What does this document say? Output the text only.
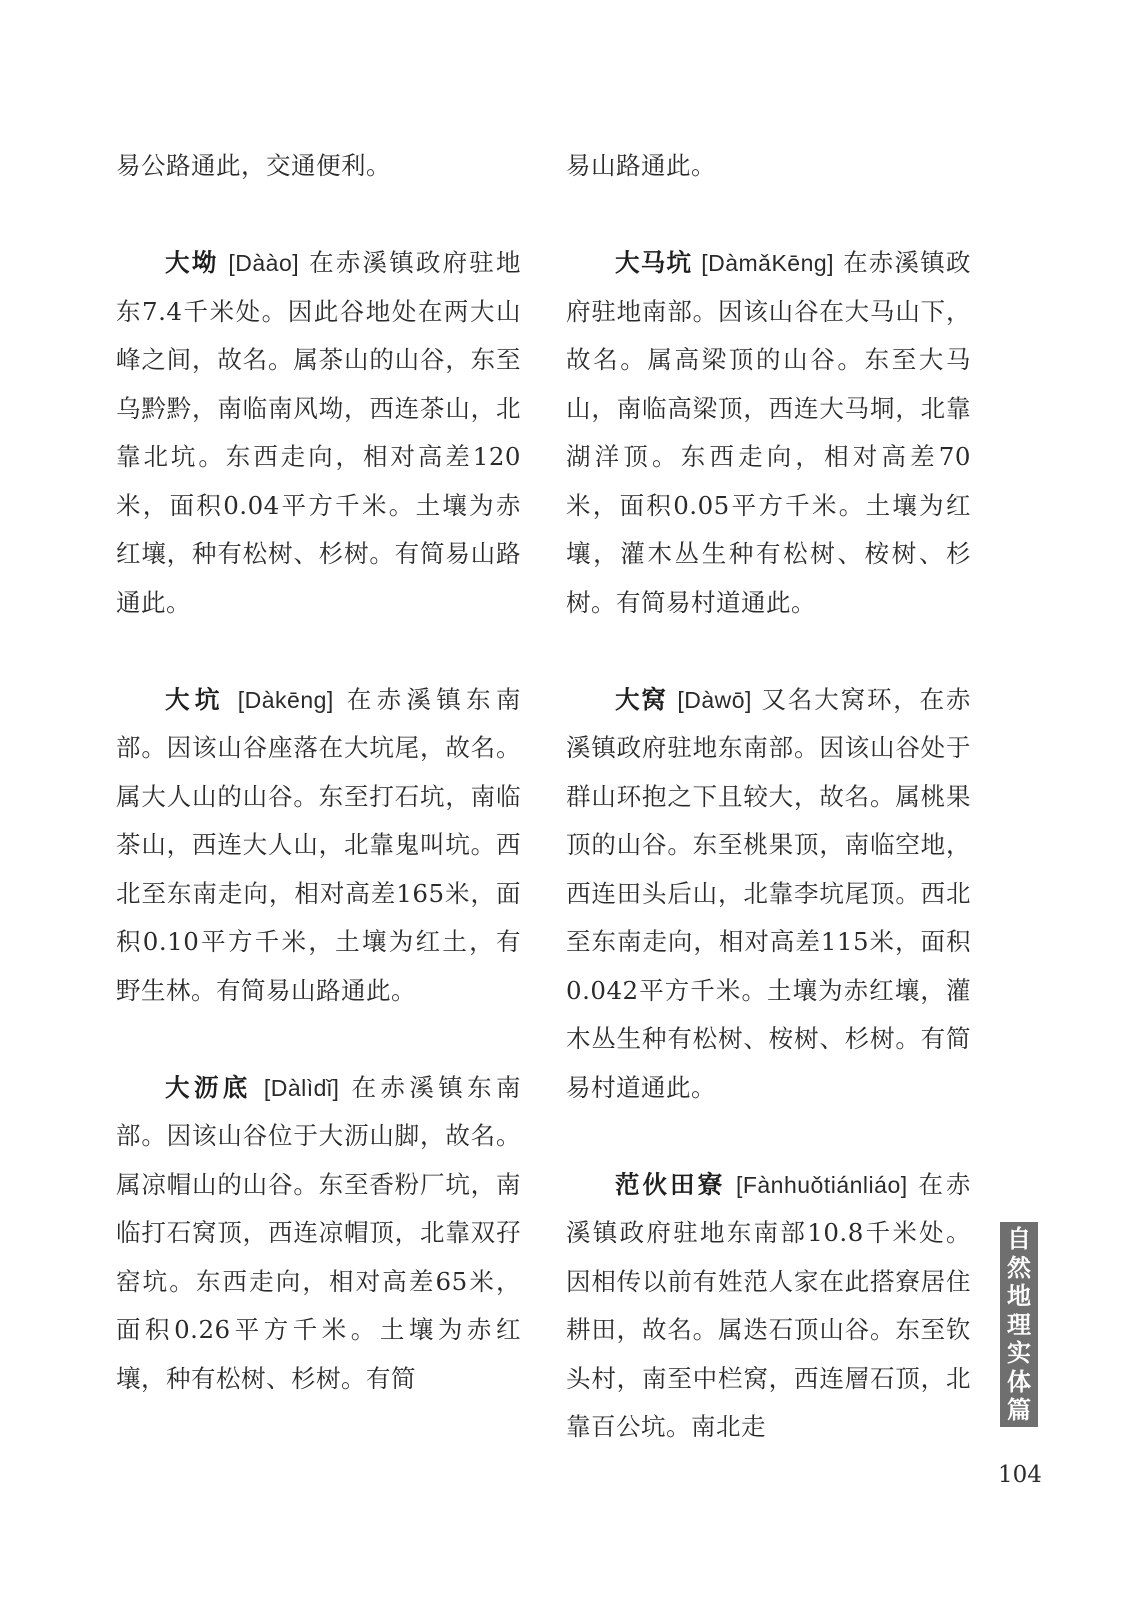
易公路通此，交通便利。

大坳 [Dàào] 在赤溪镇政府驻地东7.4千米处。因此谷地处在两大山峰之间，故名。属茶山的山谷，东至乌黔黔，南临南风坳，西连茶山，北靠北坑。东西走向，相对高差120米，面积0.04平方千米。土壤为赤红壤，种有松树、杉树。有简易山路通此。

大坑 [Dàkēng] 在赤溪镇东南部。因该山谷座落在大坑尾，故名。属大人山的山谷。东至打石坑，南临茶山，西连大人山，北靠鬼叫坑。西北至东南走向，相对高差165米，面积0.10平方千米，土壤为红土，有野生林。有简易山路通此。

大沥底 [Dàlìdǐ] 在赤溪镇东南部。因该山谷位于大沥山脚，故名。属凉帽山的山谷。东至香粉厂坑，南临打石窝顶，西连凉帽顶，北靠双孖窑坑。东西走向，相对高差65米，面积0.26平方千米。土壤为赤红壤，种有松树、杉树。有简

易山路通此。

大马坑 [DàmǎKēng] 在赤溪镇政府驻地南部。因该山谷在大马山下，故名。属高梁顶的山谷。东至大马山，南临高梁顶，西连大马垌，北靠湖洋顶。东西走向，相对高差70米，面积0.05平方千米。土壤为红壤，灌木丛生种有松树、桉树、杉树。有简易村道通此。

大窝 [Dàwō] 又名大窝环，在赤溪镇政府驻地东南部。因该山谷处于群山环抱之下且较大，故名。属桃果顶的山谷。东至桃果顶，南临空地，西连田头后山，北靠李坑尾顶。西北至东南走向，相对高差115米，面积0.042平方千米。土壤为赤红壤，灌木丛生种有松树、桉树、杉树。有简易村道通此。

范伙田寮 [Fànhuǒtiánliáo] 在赤溪镇政府驻地东南部10.8千米处。因相传以前有姓范人家在此搭寮居住耕田，故名。属迭石顶山谷。东至钦头村，南至中栏窝，西连層石顶，北靠百公坑。南北走

自然地理实体篇
104
